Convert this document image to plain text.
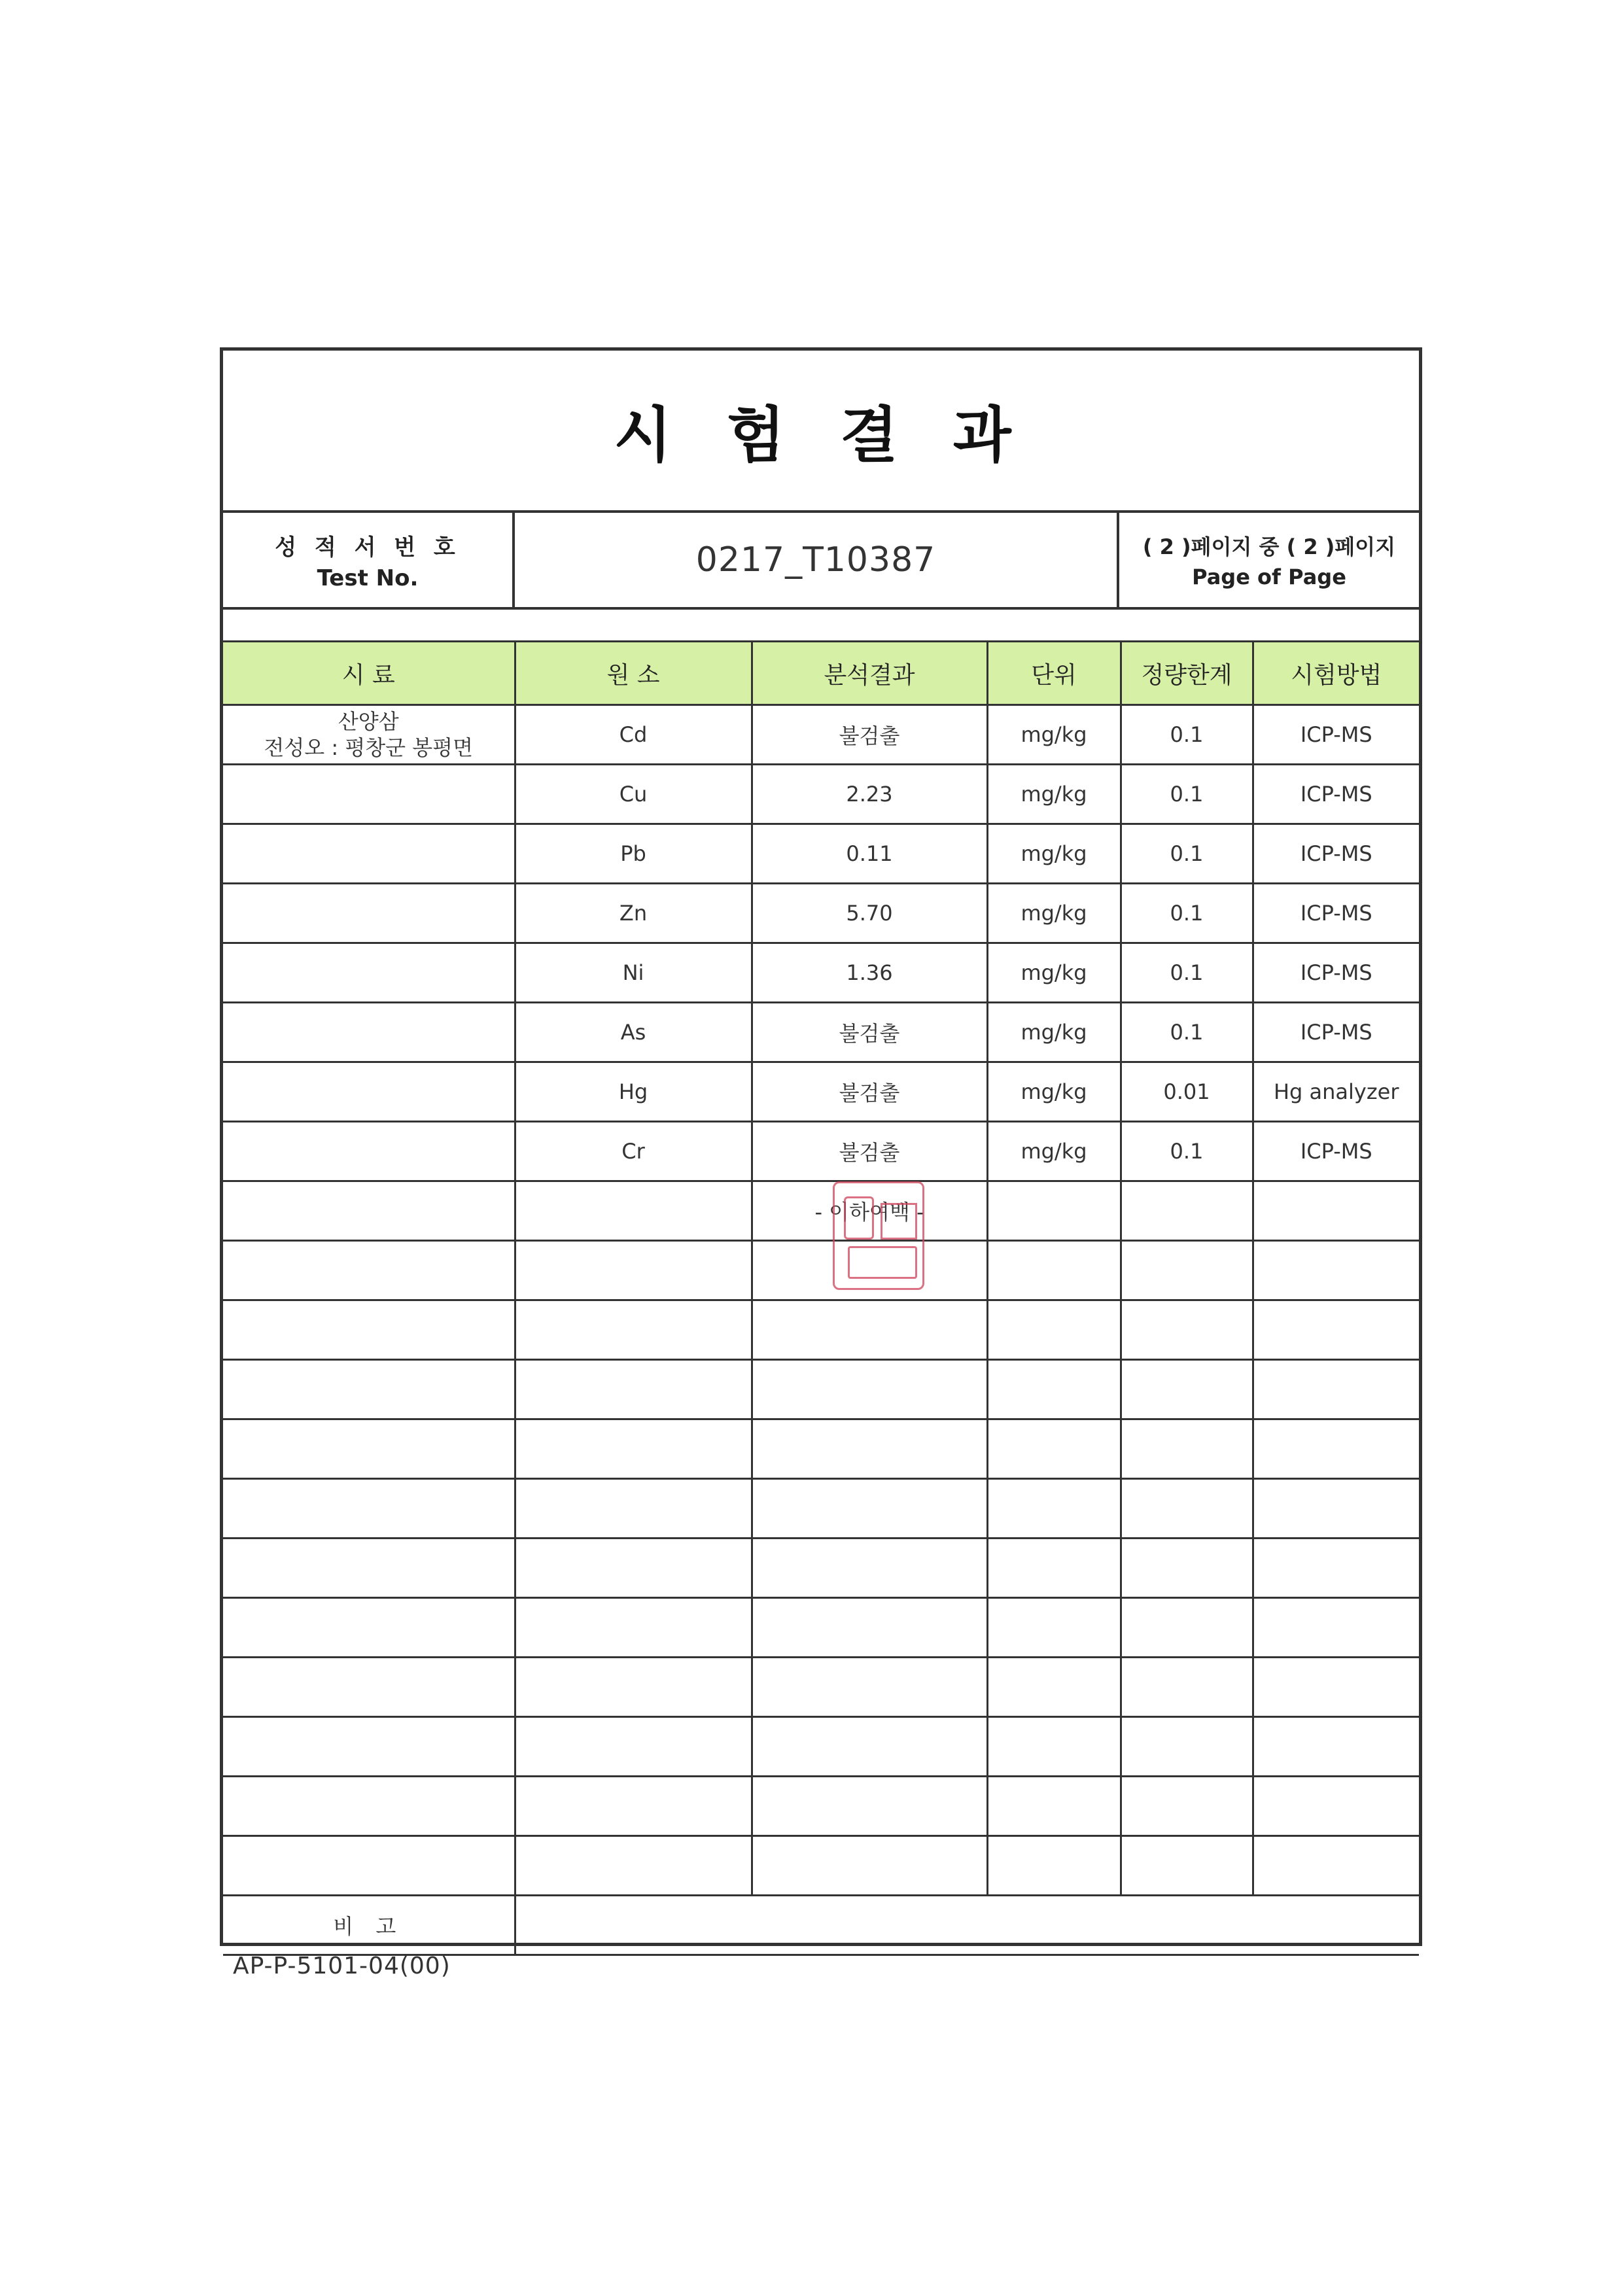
시 험 결 과
성 적 서 번 호
Test No.	0217_T10387	( 2 )페이지 중 ( 2 )페이지
Page of Page
시 료	원 소	분석결과	단위	정량한계	시험방법

산양삼
전성오 : 평창군 봉평면	Cd	불검출	mg/kg	0.1	ICP-MS
	Cu	2.23	mg/kg	0.1	ICP-MS
	Pb	0.11	mg/kg	0.1	ICP-MS
	Zn	5.70	mg/kg	0.1	ICP-MS
	Ni	1.36	mg/kg	0.1	ICP-MS
	As	불검출	mg/kg	0.1	ICP-MS
	Hg	불검출	mg/kg	0.01	Hg analyzer
	Cr	불검출	mg/kg	0.1	ICP-MS
		- 이하여백 -			

비 고					
AP-P-5101-04(00)
